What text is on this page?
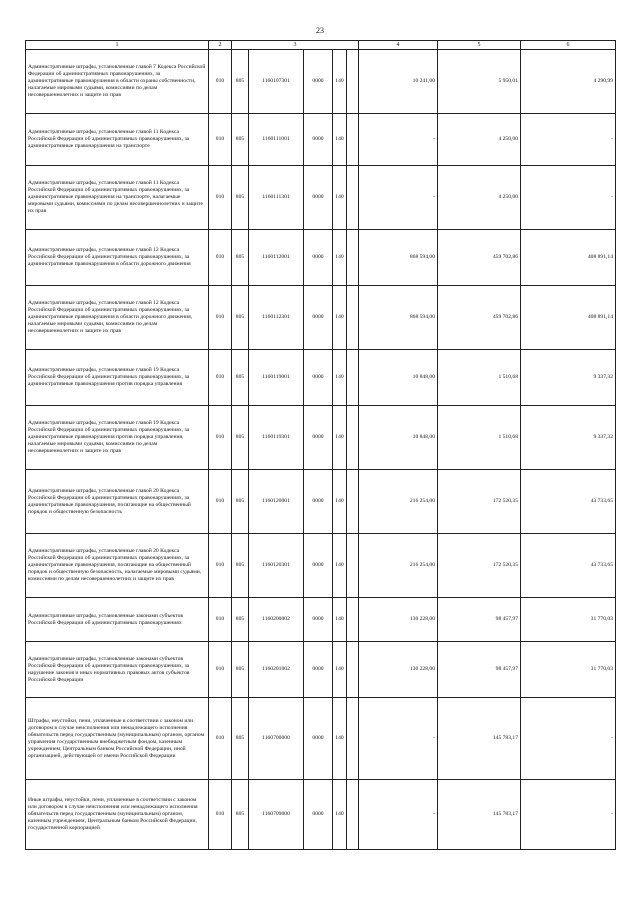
23
1	2	3					4	5	6
Административные штрафы, установленные главой 7 Кодекса Российской Федерации об административных правонарушениях, за административные правонарушения в области охраны собственности, налагаемые мировыми судьями, комиссиями по делам несовершеннолетних и защите их прав	010	805	1160107301	0000	140		10 241,00	5 950,01	4 290,99
Административные штрафы, установленные главой 11 Кодекса Российской Федерации об административных правонарушениях, за административные правонарушения на транспорте	010	805	1160111001	0000	140		-	4 250,00	-
Административные штрафы, установленные главой 11 Кодекса Российской Федерации об административных правонарушениях, за административные правонарушения на транспорте, налагаемые мировыми судьями, комиссиями по делам несовершеннолетних и защите их прав	010	805	1160111301	0000	140		-	4 250,00	-
Административные штрафы, установленные главой 12 Кодекса Российской Федерации об административных правонарушениях, за административные правонарушения в области дорожного движения	010	805	1160112001	0000	140		868 594,00	459 702,86	408 891,14
Административные штрафы, установленные главой 12 Кодекса Российской Федерации об административных правонарушениях, за административные правонарушения в области дорожного движения, налагаемые мировыми судьями, комиссиями по делам несовершеннолетних и защите их прав	010	805	1160112301	0000	140		868 594,00	459 702,86	408 891,14
Административные штрафы, установленные главой 19 Кодекса Российской Федерации об административных правонарушениях, за административные правонарушения против порядка управления	010	805	1160119001	0000	140		10 848,00	1 510,68	9 337,32
Административные штрафы, установленные главой 19 Кодекса Российской Федерации об административных правонарушениях, за административные правонарушения против порядка управления, налагаемые мировыми судьями, комиссиями по делам несовершеннолетних и защите их прав	010	805	1160119301	0000	140		10 848,00	1 510,68	9 337,32
Административные штрафы, установленные главой 20 Кодекса Российской Федерации об административных правонарушениях, за административные правонарушения, посягающие на общественный порядок и общественную безопасность	010	805	1160120001	0000	140		216 254,00	172 520,35	43 733,65
Административные штрафы, установленные главой 20 Кодекса Российской Федерации об административных правонарушениях, за административные правонарушения, посягающие на общественный порядок и общественную безопасность, налагаемые мировыми судьями, комиссиями по делам несовершеннолетних и защите их прав	010	805	1160120301	0000	140		216 254,00	172 520,35	43 733,65
Административные штрафы, установленные законами субъектов Российской Федерации об административных правонарушениях	010	805	1160200002	0000	140		130 228,00	98 457,97	31 770,03
Административные штрафы, установленные законами субъектов Российской Федерации об административных правонарушениях, за нарушение законов и иных нормативных правовых актов субъектов Российской Федерации	010	805	1160201002	0000	140		130 228,00	98 457,97	31 770,03
Штрафы, неустойки, пени, уплаченные в соответствии с законом или договором в случае неисполнения или ненадлежащего исполнения обязательств перед государственным (муниципальным) органом, органом управления государственным внебюджетным фондом, казенным учреждением, Центральным банком Российской Федерации, иной организацией, действующей от имени Российской Федерации	010	805	1160700000	0000	140		-	145 783,17	-
Иные штрафы, неустойки, пени, уплаченные в соответствии с законом или договором в случае неисполнения или ненадлежащего исполнения обязательств перед государственным (муниципальным) органом, казенным учреждением, Центральным банком Российской Федерации, государственной корпорацией	010	805	1160709000	0000	140		-	145 783,17	-
